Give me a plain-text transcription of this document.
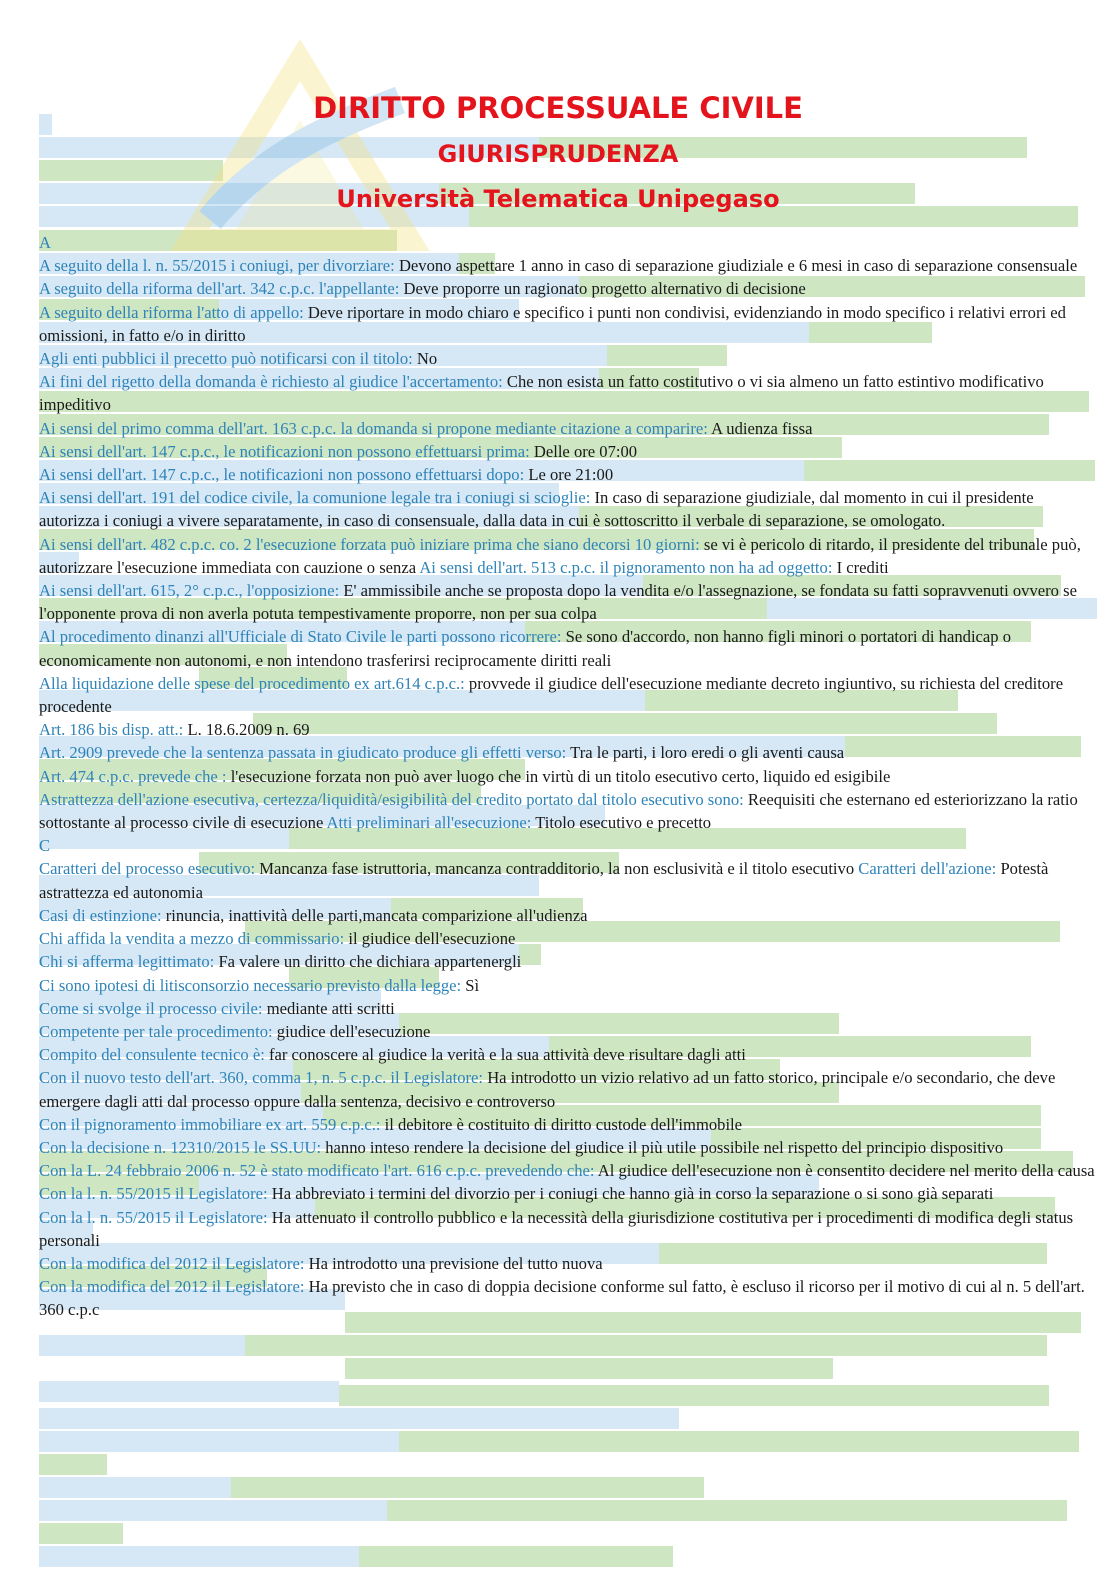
DIRITTO PROCESSUALE CIVILE
GIURISPRUDENZA
Università Telematica Unipegaso

A

A seguito della l. n. 55/2015 i coniugi, per divorziare: Devono aspettare 1 anno in caso di separazione giudiziale e 6 mesi in caso di separazione consensuale

A seguito della riforma dell'art. 342 c.p.c. l'appellante: Deve proporre un ragionato progetto alternativo di decisione

A seguito della riforma l'atto di appello: Deve riportare in modo chiaro e specifico i punti non condivisi, evidenziando in modo specifico i relativi errori ed omissioni, in fatto e/o in diritto

Agli enti pubblici il precetto può notificarsi con il titolo: No

Ai fini del rigetto della domanda è richiesto al giudice l'accertamento: Che non esista un fatto costitutivo o vi sia almeno un fatto estintivo modificativo impeditivo

Ai sensi del primo comma dell'art. 163 c.p.c. la domanda si propone mediante citazione a comparire: A udienza fissa

Ai sensi dell'art. 147 c.p.c., le notificazioni non possono effettuarsi prima: Delle ore 07:00

Ai sensi dell'art. 147 c.p.c., le notificazioni non possono effettuarsi dopo: Le ore 21:00

Ai sensi dell'art. 191 del codice civile, la comunione legale tra i coniugi si scioglie: In caso di separazione giudiziale, dal momento in cui il presidente autorizza i coniugi a vivere separatamente, in caso di consensuale, dalla data in cui è sottoscritto il verbale di separazione, se omologato.

Ai sensi dell'art. 482 c.p.c. co. 2 l'esecuzione forzata può iniziare prima che siano decorsi 10 giorni: se vi è pericolo di ritardo, il presidente del tribunale può, autorizzare l'esecuzione immediata con cauzione o senza Ai sensi dell'art. 513 c.p.c. il pignoramento non ha ad oggetto: I crediti

Ai sensi dell'art. 615, 2° c.p.c., l'opposizione: E' ammissibile anche se proposta dopo la vendita e/o l'assegnazione, se fondata su fatti sopravvenuti ovvero se l'opponente prova di non averla potuta tempestivamente proporre, non per sua colpa

Al procedimento dinanzi all'Ufficiale di Stato Civile le parti possono ricorrere: Se sono d'accordo, non hanno figli minori o portatori di handicap o economicamente non autonomi, e non intendono trasferirsi reciprocamente diritti reali

Alla liquidazione delle spese del procedimento ex art.614 c.p.c.: provvede il giudice dell'esecuzione mediante decreto ingiuntivo, su richiesta del creditore procedente

Art. 186 bis disp. att.: L. 18.6.2009 n. 69

Art. 2909 prevede che la sentenza passata in giudicato produce gli effetti verso: Tra le parti, i loro eredi o gli aventi causa

Art. 474 c.p.c. prevede che : l'esecuzione forzata non può aver luogo che in virtù di un titolo esecutivo certo, liquido ed esigibile

Astrattezza dell'azione esecutiva, certezza/liquidità/esigibilità del credito portato dal titolo esecutivo sono: Reequisiti che esternano ed esteriorizzano la ratio sottostante al processo civile di esecuzione Atti preliminari all'esecuzione: Titolo esecutivo e precetto

C

Caratteri del processo esecutivo: Mancanza fase istruttoria, mancanza contradditorio, la non esclusività e il titolo esecutivo Caratteri dell'azione: Potestà astrattezza ed autonomia

Casi di estinzione: rinuncia, inattività delle parti,mancata comparizione all'udienza

Chi affida la vendita a mezzo di commissario: il giudice dell'esecuzione

Chi si afferma legittimato: Fa valere un diritto che dichiara appartenergli

Ci sono ipotesi di litisconsorzio necessario previsto dalla legge: Sì

Come si svolge il processo civile: mediante atti scritti

Competente per tale procedimento: giudice dell'esecuzione

Compito del consulente tecnico è: far conoscere al giudice la verità e la sua attività deve risultare dagli atti

Con il nuovo testo dell'art. 360, comma 1, n. 5 c.p.c. il Legislatore: Ha introdotto un vizio relativo ad un fatto storico, principale e/o secondario, che deve emergere dagli atti dal processo oppure dalla sentenza, decisivo e controverso

Con il pignoramento immobiliare ex art. 559 c.p.c.: il debitore è costituito di diritto custode dell'immobile

Con la decisione n. 12310/2015 le SS.UU: hanno inteso rendere la decisione del giudice il più utile possibile nel rispetto del principio dispositivo

Con la L. 24 febbraio 2006 n. 52 è stato modificato l'art. 616 c.p.c. prevedendo che: Al giudice dell'esecuzione non è consentito decidere nel merito della causa

Con la l. n. 55/2015 il Legislatore: Ha abbreviato i termini del divorzio per i coniugi che hanno già in corso la separazione o si sono già separati

Con la l. n. 55/2015 il Legislatore: Ha attenuato il controllo pubblico e la necessità della giurisdizione costitutiva per i procedimenti di modifica degli status personali

Con la modifica del 2012 il Legislatore: Ha introdotto una previsione del tutto nuova

Con la modifica del 2012 il Legislatore: Ha previsto che in caso di doppia decisione conforme sul fatto, è escluso il ricorso per il motivo di cui al n. 5 dell'art. 360 c.p.c
